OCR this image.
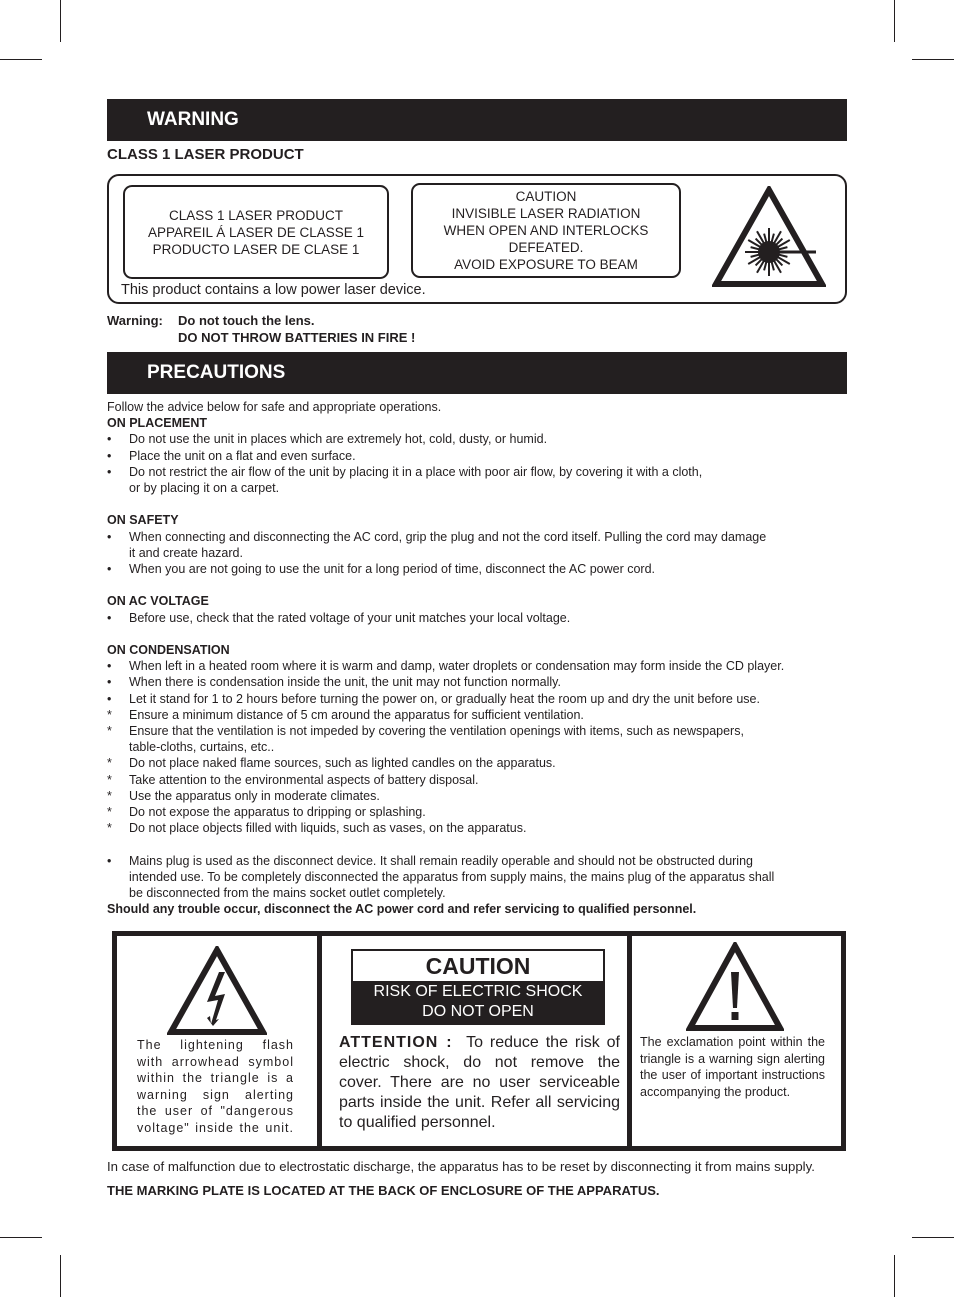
WARNING
CLASS 1 LASER PRODUCT
CLASS 1 LASER PRODUCT
APPAREIL Á LASER DE CLASSE 1
PRODUCTO LASER DE CLASE 1
CAUTION
INVISIBLE LASER RADIATION
WHEN OPEN AND INTERLOCKS
DEFEATED.
AVOID EXPOSURE TO BEAM
This product contains a low power laser device.
Warning: Do not touch the lens.
DO NOT THROW BATTERIES IN FIRE !
PRECAUTIONS
Follow the advice below for safe and appropriate operations.
ON PLACEMENT
• Do not use the unit in places which are extremely hot, cold, dusty, or humid.
• Place the unit on a flat and even surface.
• Do not restrict the air flow of the unit by placing it in a place with poor air flow, by covering it with a cloth,
or by placing it on a carpet.
ON SAFETY
• When connecting and disconnecting the AC cord, grip the plug and not the cord itself. Pulling the cord may damage
it and create hazard.
• When you are not going to use the unit for a long period of time, disconnect the AC power cord.
ON AC VOLTAGE
• Before use, check that the rated voltage of your unit matches your local voltage.
ON CONDENSATION
• When left in a heated room where it is warm and damp, water droplets or condensation may form inside the CD player.
• When there is condensation inside the unit, the unit may not function normally.
• Let it stand for 1 to 2 hours before turning the power on, or gradually heat the room up and dry the unit before use.
* Ensure a minimum distance of 5 cm around the apparatus for sufficient ventilation.
* Ensure that the ventilation is not impeded by covering the ventilation openings with items, such as newspapers,
table-cloths, curtains, etc..
* Do not place naked flame sources, such as lighted candles on the apparatus.
* Take attention to the environmental aspects of battery disposal.
* Use the apparatus only in moderate climates.
* Do not expose the apparatus to dripping or splashing.
* Do not place objects filled with liquids, such as vases, on the apparatus.
• Mains plug is used as the disconnect device. It shall remain readily operable and should not be obstructed during
intended use. To be completely disconnected the apparatus from supply mains, the mains plug of the apparatus shall
be disconnected from the mains socket outlet completely.
Should any trouble occur, disconnect the AC power cord and refer servicing to qualified personnel.
The lightening flash
with arrowhead symbol
within the triangle is a
warning sign alerting
the user of "dangerous
voltage" inside the unit.
CAUTION
RISK OF ELECTRIC SHOCK
DO NOT OPEN
ATTENTION : To reduce the risk of electric shock, do not remove the cover. There are no user serviceable parts inside the unit. Refer all servicing to qualified personnel.
The exclamation point within the triangle is a warning sign alerting the user of important instructions accompanying the product.
In case of malfunction due to electrostatic discharge, the apparatus has to be reset by disconnecting it from mains supply.
THE MARKING PLATE IS LOCATED AT THE BACK OF ENCLOSURE OF THE APPARATUS.
